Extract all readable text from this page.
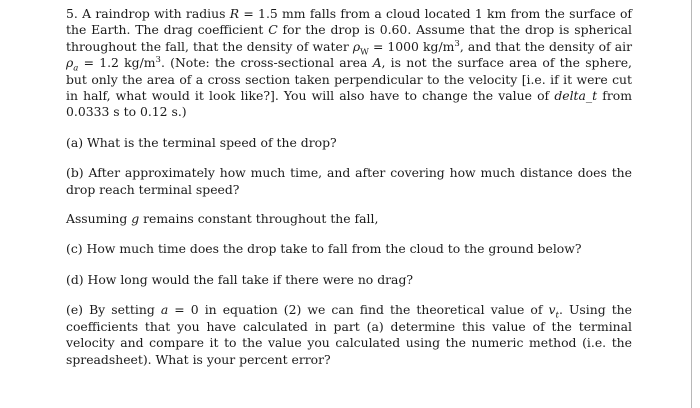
5. A raindrop with radius R = 1.5 mm falls from a cloud located 1 km from the surface of the Earth. The drag coefficient C for the drop is 0.60. Assume that the drop is spherical throughout the fall, that the density of water $\rho_W = 1000$ $kg/m^3$, and that the density of air $\rho_a = 1.2$ $kg/m^3$. (Note: the cross-sectional area A, is not the surface area of the sphere, but only the area of a cross section taken perpendicular to the velocity [i.e. if it were cut in half, what would it look like?]. You will also have to change the value of delta_t from 0.0333 s to 0.12 s.)

(a) What is the terminal speed of the drop?

(b) After approximately how much time, and after covering how much distance does the drop reach terminal speed?

Assuming g remains constant throughout the fall,

(c) How much time does the drop take to fall from the cloud to the ground below?

(d) How long would the fall take if there were no drag?

(e) By setting a = 0 in equation (2) we can find the theoretical value of $v_t$. Using the coefficients that you have calculated in part (a) determine this value of the terminal velocity and compare it to the value you calculated using the numeric method (i.e. the spreadsheet). What is your percent error?
